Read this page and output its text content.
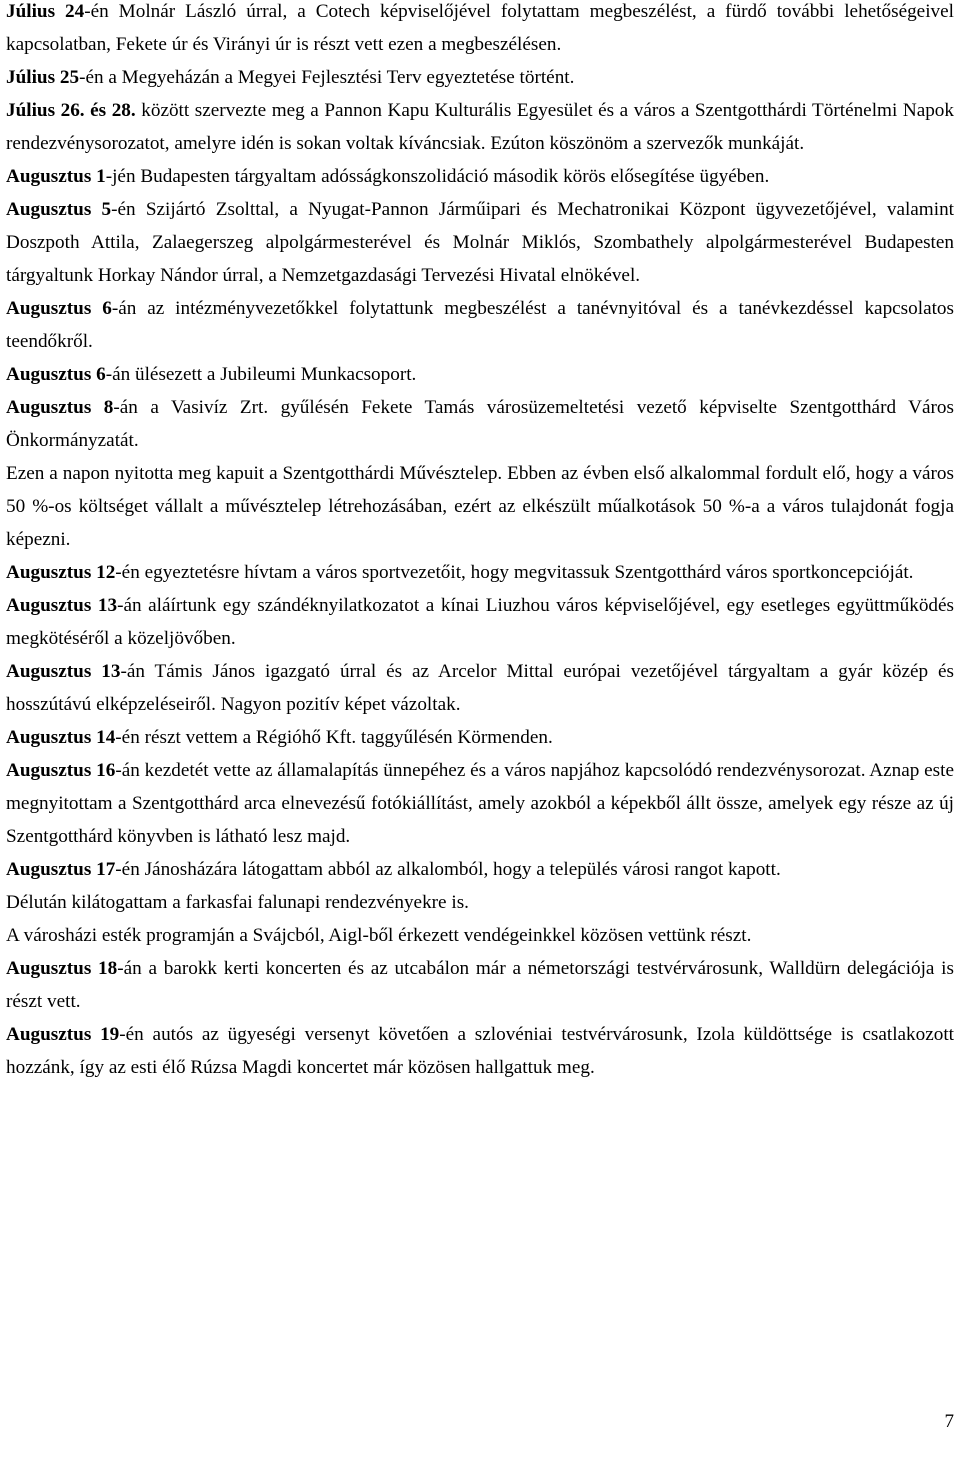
Július 24-én Molnár László úrral, a Cotech képviselőjével folytattam megbeszélést, a fürdő további lehetőségeivel kapcsolatban, Fekete úr és Virányi úr is részt vett ezen a megbeszélésen.

Július 25-én a Megyeházán a Megyei Fejlesztési Terv egyeztetése történt.

Július 26. és 28. között szervezte meg a Pannon Kapu Kulturális Egyesület és a város a Szentgotthárdi Történelmi Napok rendezvénysorozatot, amelyre idén is sokan voltak kíváncsiak. Ezúton köszönöm a szervezők munkáját.

Augusztus 1-jén Budapesten tárgyaltam adósságkonszolidáció második körös elősegítése ügyében.

Augusztus 5-én Szijártó Zsolttal, a Nyugat-Pannon Járműipari és Mechatronikai Központ ügyvezetőjével, valamint Doszpoth Attila, Zalaegerszeg alpolgármesterével és Molnár Miklós, Szombathely alpolgármesterével Budapesten tárgyaltunk Horkay Nándor úrral, a Nemzetgazdasági Tervezési Hivatal elnökével.

Augusztus 6-án az intézményvezetőkkel folytattunk megbeszélést a tanévnyitóval és a tanévkezdéssel kapcsolatos teendőkről.

Augusztus 6-án ülésezett a Jubileumi Munkacsoport.

Augusztus 8-án a Vasivíz Zrt. gyűlésén Fekete Tamás városüzemeltetési vezető képviselte Szentgotthárd Város Önkormányzatát.

Ezen a napon nyitotta meg kapuit a Szentgotthárdi Művésztelep. Ebben az évben első alkalommal fordult elő, hogy a város 50 %-os költséget vállalt a művésztelep létrehozásában, ezért az elkészült műalkotások 50 %-a a város tulajdonát fogja képezni.

Augusztus 12-én egyeztetésre hívtam a város sportvezetőit, hogy megvitassuk Szentgotthárd város sportkoncepcióját.

Augusztus 13-án aláírtunk egy szándéknyilatkozatot a kínai Liuzhou város képviselőjével, egy esetleges együttműködés megkötéséről a közeljövőben.

Augusztus 13-án Támis János igazgató úrral és az Arcelor Mittal európai vezetőjével tárgyaltam a gyár közép és hosszútávú elképzeléseiről. Nagyon pozitív képet vázoltak.

Augusztus 14-én részt vettem a Régióhő Kft. taggyűlésén Körmenden.

Augusztus 16-án kezdetét vette az államalapítás ünnepéhez és a város napjához kapcsolódó rendezvénysorozat. Aznap este megnyitottam a Szentgotthárd arca elnevezésű fotókiállítást, amely azokból a képekből állt össze, amelyek egy része az új Szentgotthárd könyvben is látható lesz majd.

Augusztus 17-én Jánosházára látogattam abból az alkalomból, hogy a település városi rangot kapott.

Délután kilátogattam a farkasfai falunapi rendezvényekre is.

A városházi esték programján a Svájcból, Aigl-ből érkezett vendégeinkkel közösen vettünk részt.

Augusztus 18-án a barokk kerti koncerten és az utcabálon már a németországi testvérvárosunk, Walldürn delegációja is részt vett.

Augusztus 19-én autós az ügyeségi versenyt követően a szlovéniai testvérvárosunk, Izola küldöttsége is csatlakozott hozzánk, így az esti élő Rúzsa Magdi koncertet már közösen hallgattuk meg.

7
